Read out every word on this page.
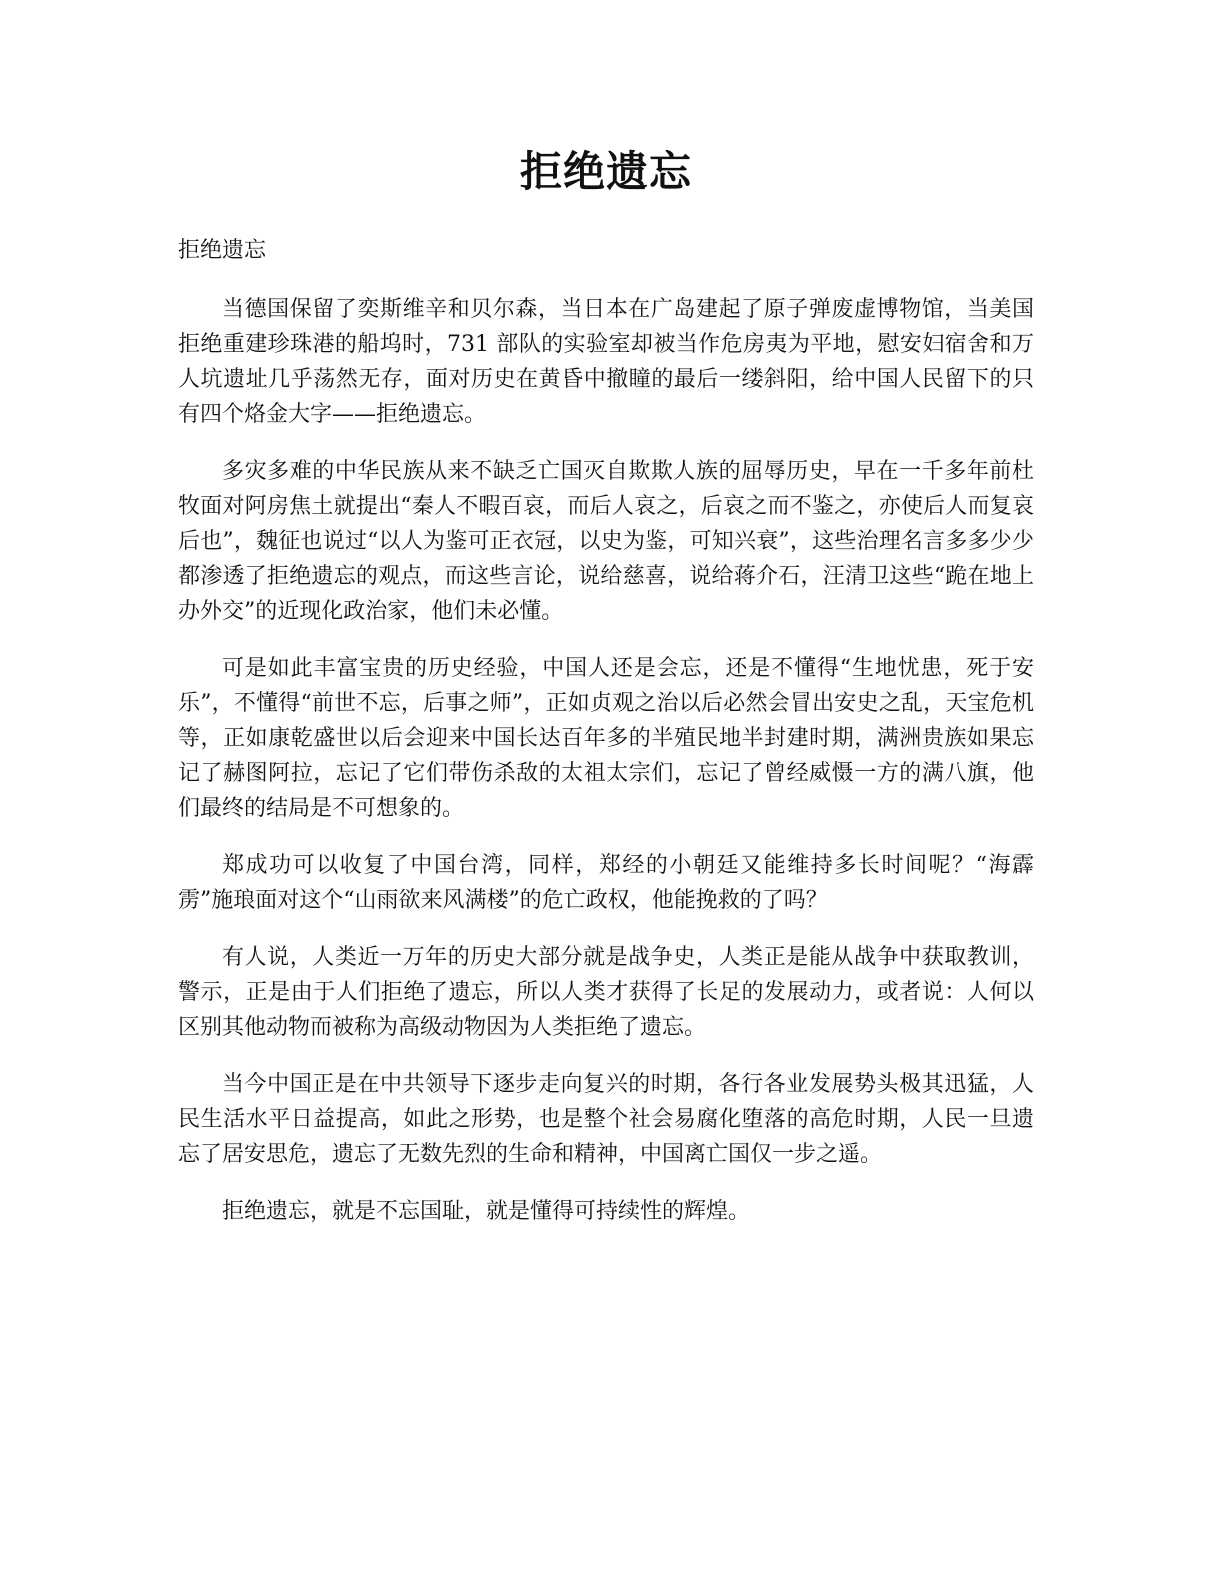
拒绝遗忘
拒绝遗忘

当德国保留了奕斯维辛和贝尔森，当日本在广岛建起了原子弹废虚博物馆，当美国拒绝重建珍珠港的船坞时，731 部队的实验室却被当作危房夷为平地，慰安妇宿舍和万人坑遗址几乎荡然无存，面对历史在黄昏中撤瞳的最后一缕斜阳，给中国人民留下的只有四个烙金大字——拒绝遗忘。

多灾多难的中华民族从来不缺乏亡国灭自欺欺人族的屈辱历史，早在一千多年前杜牧面对阿房焦土就提出“秦人不暇百哀，而后人哀之，后哀之而不鉴之，亦使后人而复哀后也”，魏征也说过“以人为鉴可正衣冠，以史为鉴，可知兴衰”，这些治理名言多多少少都渗透了拒绝遗忘的观点，而这些言论，说给慈喜，说给蒋介石，汪清卫这些“跪在地上办外交”的近现化政治家，他们未必懂。

可是如此丰富宝贵的历史经验，中国人还是会忘，还是不懂得“生地忧患，死于安乐”，不懂得“前世不忘，后事之师”，正如贞观之治以后必然会冒出安史之乱，天宝危机等，正如康乾盛世以后会迎来中国长达百年多的半殖民地半封建时期，满洲贵族如果忘记了赫图阿拉，忘记了它们带伤杀敌的太祖太宗们，忘记了曾经威慑一方的满八旗，他们最终的结局是不可想象的。

郑成功可以收复了中国台湾，同样，郑经的小朝廷又能维持多长时间呢？“海霹雳”施琅面对这个“山雨欲来风满楼”的危亡政权，他能挽救的了吗？

有人说，人类近一万年的历史大部分就是战争史，人类正是能从战争中获取教训，警示，正是由于人们拒绝了遗忘，所以人类才获得了长足的发展动力，或者说：人何以区别其他动物而被称为高级动物因为人类拒绝了遗忘。

当今中国正是在中共领导下逐步走向复兴的时期，各行各业发展势头极其迅猛，人民生活水平日益提高，如此之形势，也是整个社会易腐化堕落的高危时期，人民一旦遗忘了居安思危，遗忘了无数先烈的生命和精神，中国离亡国仅一步之遥。

拒绝遗忘，就是不忘国耻，就是懂得可持续性的辉煌。
